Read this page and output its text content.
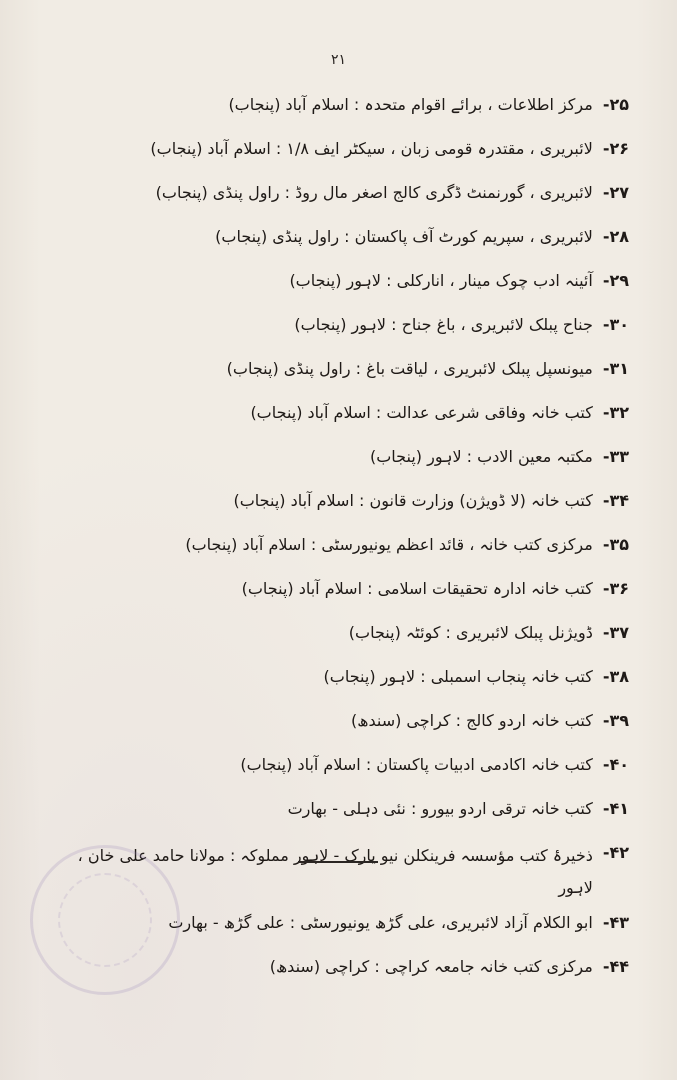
۲۱
۲۵-
مرکز اطلاعات ، برائے اقوام متحدہ : اسلام آباد (پنجاب)
۲۶-
لائبریری ، مقتدرہ قومی زبان ، سیکٹر ایف ۱/۸ : اسلام آباد (پنجاب)
۲۷-
لائبریری ، گورنمنٹ ڈگری کالج اصغر مال روڈ : راول پنڈی (پنجاب)
۲۸-
لائبریری ، سپریم کورٹ آف پاکستان : راول پنڈی (پنجاب)
۲۹-
آئینہ ادب چوک مینار ، انارکلی : لاہور (پنجاب)
۳۰-
جناح پبلک لائبریری ، باغ جناح : لاہور (پنجاب)
۳۱-
میونسپل پبلک لائبریری ، لیاقت باغ : راول پنڈی (پنجاب)
۳۲-
کتب خانہ وفاقی شرعی عدالت : اسلام آباد (پنجاب)
۳۳-
مکتبہ معین الادب : لاہور (پنجاب)
۳۴-
کتب خانہ (لا ڈویژن) وزارت قانون : اسلام آباد (پنجاب)
۳۵-
مرکزی کتب خانہ ، قائد اعظم یونیورسٹی : اسلام آباد (پنجاب)
۳۶-
کتب خانہ ادارہ تحقیقات اسلامی : اسلام آباد (پنجاب)
۳۷-
ڈویژنل پبلک لائبریری : کوئٹہ (پنجاب)
۳۸-
کتب خانہ پنجاب اسمبلی : لاہور (پنجاب)
۳۹-
کتب خانہ اردو کالج : کراچی (سندھ)
۴۰-
کتب خانہ اکادمی ادبیات پاکستان : اسلام آباد (پنجاب)
۴۱-
کتب خانہ ترقی اردو بیورو : نئی دہلی - بھارت
۴۲-
ذخیرۂ کتب مؤسسہ فرینکلن نیو یارک - لاہور مملوکہ : مولانا حامد علی خان ، لاہور
۴۳-
ابو الکلام آزاد لائبریری، علی گڑھ یونیورسٹی : علی گڑھ - بھارت
۴۴-
مرکزی کتب خانہ جامعہ کراچی : کراچی (سندھ)
